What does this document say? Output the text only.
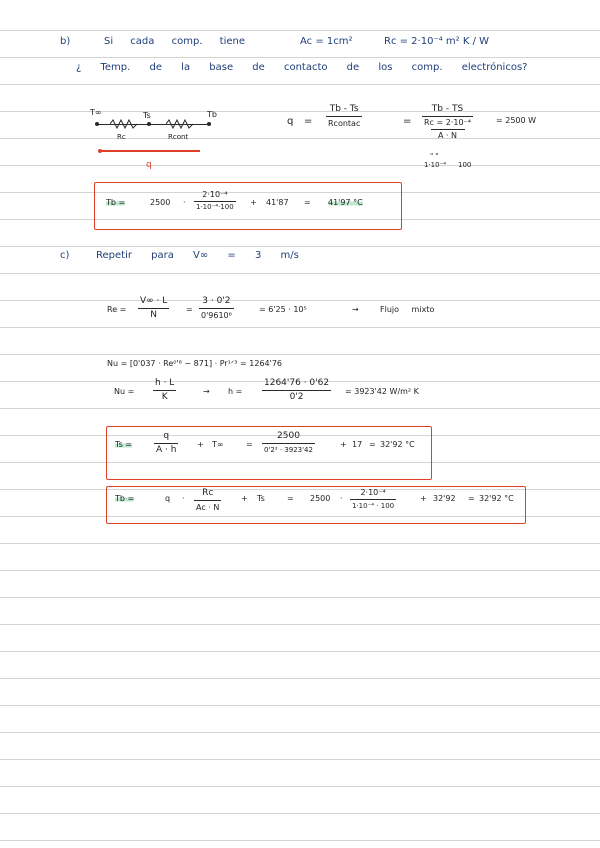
b)	Si cada comp. tiene	Ac = 1cm²	Rc = 2·10⁻⁴ m² K / W
¿ Temp. de la base de contacto de los comp. electrónicos?
T∞	Ts	Tb
Rc	Rcont
q
q =
Tb - Ts
Rcontac	=
Tb - TS
Rc = 2·10⁻⁴
A · N
" "
1·10⁻⁴ 100
= 2500 W
Tb =	2500 ·
2·10⁻⁴
1·10⁻⁴·100 + 41'87 = 41'97 °C
c)	Repetir para V∞ = 3 m/s
Re =
V∞ · L
N
=
3 · 0'2
0'9610⁶
= 6'25 · 10⁵	→	Flujo mixto
Nu = [0'037 · Re⁰'⁸ − 871] · Pr¹ᐟ³ = 1264'76
Nu =
h · L
K
→ h =
1264'76 · 0'62
0'2
= 3923'42 W/m² K
Ts =
q
A · h
+ T∞	=
2500
0'2² · 3923'42
+ 17 = 32'92 °C
Tb =	q ·
Rc
Ac · N
+ Ts	= 2500 ·
2·10⁻⁴
1·10⁻⁴ · 100
+ 32'92 = 32'92 °C
